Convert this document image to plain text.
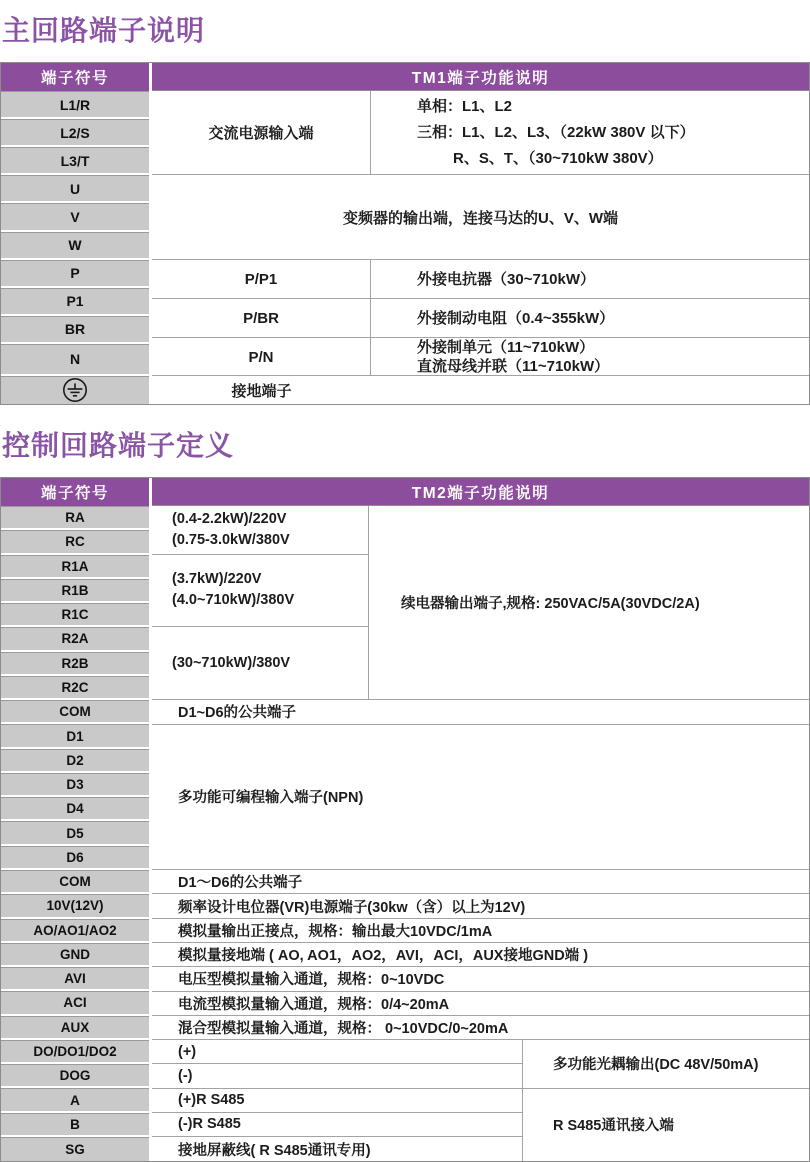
主回路端子说明
端子符号
L1/R
L2/S
L3/T
U
V
W
P
P1
BR
N
TM1端子功能说明
交流电源输入端
单相：L1、L2
三相：L1、L2、L3、（22kW 380V 以下）
R、S、T、（30~710kW 380V）
变频器的输出端，连接马达的U、V、W端
P/P1
P/BR
P/N
外接电抗器（30~710kW）
外接制动电阻（0.4~355kW）
外接制单元（11~710kW）
直流母线并联（11~710kW）
接地端子
控制回路端子定义
端子符号
RA
RC
R1A
R1B
R1C
R2A
R2B
R2C
COM
D1
D2
D3
D4
D5
D6
COM
10V(12V)
AO/AO1/AO2
GND
AVI
ACI
AUX
DO/DO1/DO2
DOG
A
B
SG
TM2端子功能说明
(0.4-2.2kW)/220V
(0.75-3.0kW/380V
(3.7kW)/220V
(4.0~710kW)/380V
(30~710kW)/380V
续电器输出端子,规格: 250VAC/5A(30VDC/2A)
D1~D6的公共端子
多功能可编程输入端子(NPN)
D1～D6的公共端子
频率设计电位器(VR)电源端子(30kw（含）以上为12V)
模拟量输出正接点，规格：输出最大10VDC/1mA
模拟量接地端 ( AO, AO1，AO2，AVI，ACI，AUX接地GND端 )
电压型模拟量输入通道，规格：0~10VDC
电流型模拟量输入通道，规格：0/4~20mA
混合型模拟量输入通道，规格： 0~10VDC/0~20mA
(+)
(-)
多功能光耦输出(DC 48V/50mA)
(+)R S485
(-)R S485
接地屏蔽线( R S485通讯专用)
R S485通讯接入端
